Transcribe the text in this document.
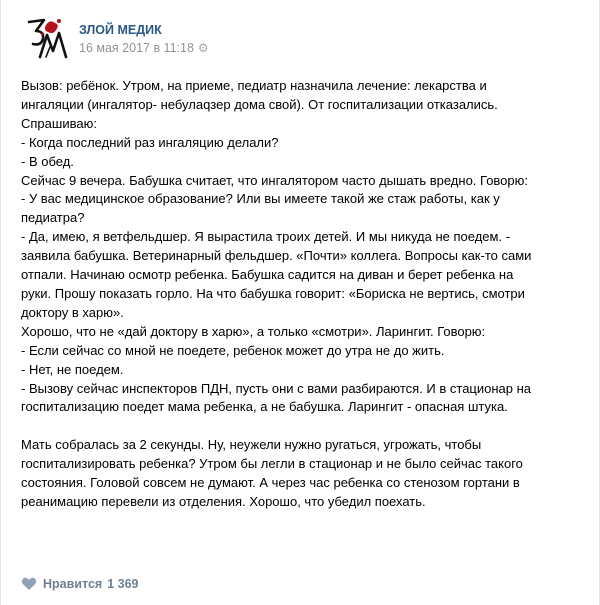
ЗЛОЙ МЕДИК
16 мая 2017 в 11:18 ⚙

Вызов: ребёнок. Утром, на приеме, педиатр назначила лечение: лекарства и
ингаляции (ингалятор- небулаqзер дома свой). От госпитализации отказались.
Спрашиваю:
- Когда последний раз ингаляцию делали?
- В обед.
Сейчас 9 вечера. Бабушка считает, что ингалятором часто дышать вредно. Говорю:
- У вас медицинское образование? Или вы имеете такой же стаж работы, как у
педиатра?
- Да, имею, я ветфельдшер. Я вырастила троих детей. И мы никуда не поедем. -
заявила бабушка. Ветеринарный фельдшер. «Почти» коллега. Вопросы как-то сами
отпали. Начинаю осмотр ребенка. Бабушка садится на диван и берет ребенка на
руки. Прошу показать горло. На что бабушка говорит: «Бориска не вертись, смотри
доктору в харю».
Хорошо, что не «дай доктору в харю», а только «смотри». Ларингит. Говорю:
- Если сейчас со мной не поедете, ребенок может до утра не до жить.
- Нет, не поедем.
- Вызову сейчас инспекторов ПДН, пусть они с вами разбираются. И в стационар на
госпитализацию поедет мама ребенка, а не бабушка. Ларингит - опасная штука.

Мать собралась за 2 секунды. Ну, неужели нужно ругаться, угрожать, чтобы
госпитализировать ребенка? Утром бы легли в стационар и не было сейчас такого
состояния. Головой совсем не думают. А через час ребенка со стенозом гортани в
реанимацию перевели из отделения. Хорошо, что убедил поехать.

Нравится 1 369
